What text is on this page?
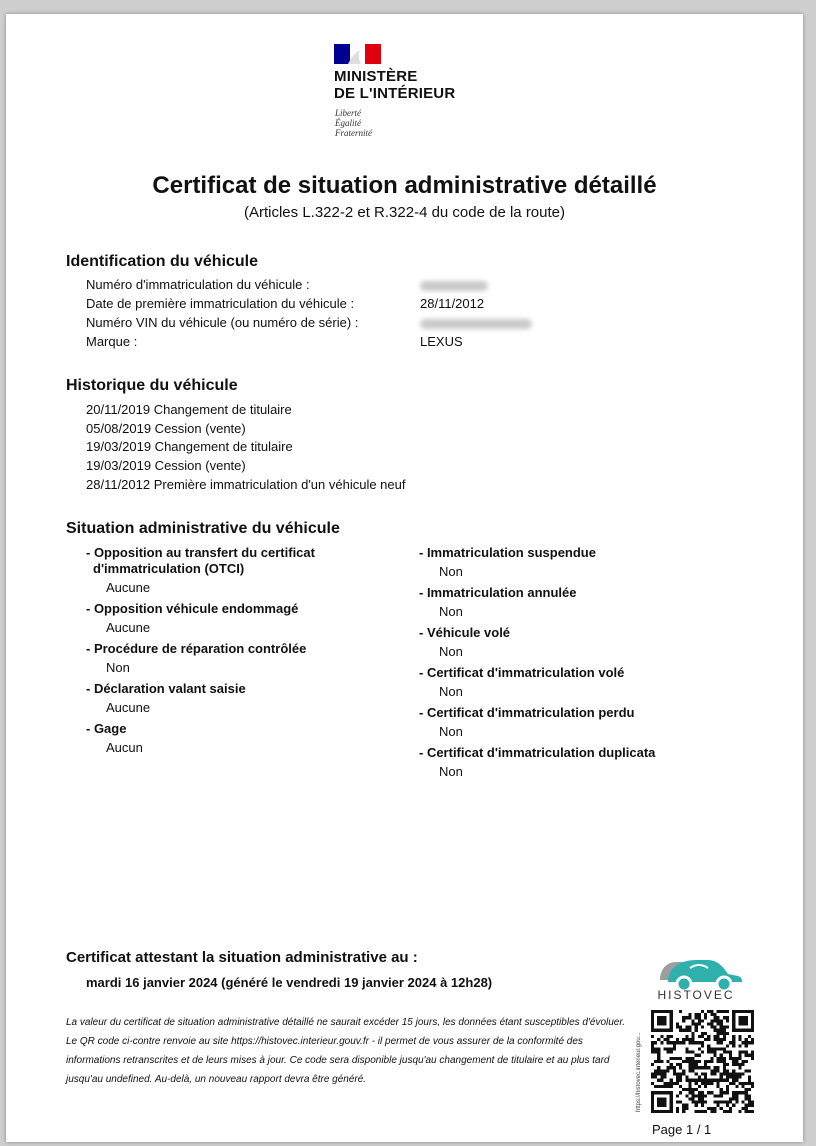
MINISTÈRE
DE L'INTÉRIEUR
Liberté
Égalité
Fraternité
Certificat de situation administrative détaillé
(Articles L.322-2 et R.322-4 du code de la route)
Identification du véhicule
Numéro d'immatriculation du véhicule :
Date de première immatriculation du véhicule :	28/11/2012
Numéro VIN du véhicule (ou numéro de série) :
Marque :	LEXUS
Historique du véhicule
20/11/2019 Changement de titulaire
05/08/2019 Cession (vente)
19/03/2019 Changement de titulaire
19/03/2019 Cession (vente)
28/11/2012 Première immatriculation d'un véhicule neuf
Situation administrative du véhicule
- Opposition au transfert du certificat
d'immatriculation (OTCI)
Aucune
- Opposition véhicule endommagé
Aucune
- Procédure de réparation contrôlée
Non
- Déclaration valant saisie
Aucune
- Gage
Aucun
- Immatriculation suspendue
Non
- Immatriculation annulée
Non
- Véhicule volé
Non
- Certificat d'immatriculation volé
Non
- Certificat d'immatriculation perdu
Non
- Certificat d'immatriculation duplicata
Non
Certificat attestant la situation administrative au :
mardi 16 janvier 2024 (généré le vendredi 19 janvier 2024 à 12h28)
La valeur du certificat de situation administrative détaillé ne saurait excéder 15 jours, les données étant susceptibles d'évoluer. Le QR code ci-contre renvoie au site https://histovec.interieur.gouv.fr - il permet de vous assurer de la conformité des informations retranscrites et de leurs mises à jour. Ce code sera disponible jusqu'au changement de titulaire et au plus tard jusqu'au undefined. Au-delà, un nouveau rapport devra être généré.
HISTOVEC
https://histovec.interieur.gou...
Page 1 / 1
